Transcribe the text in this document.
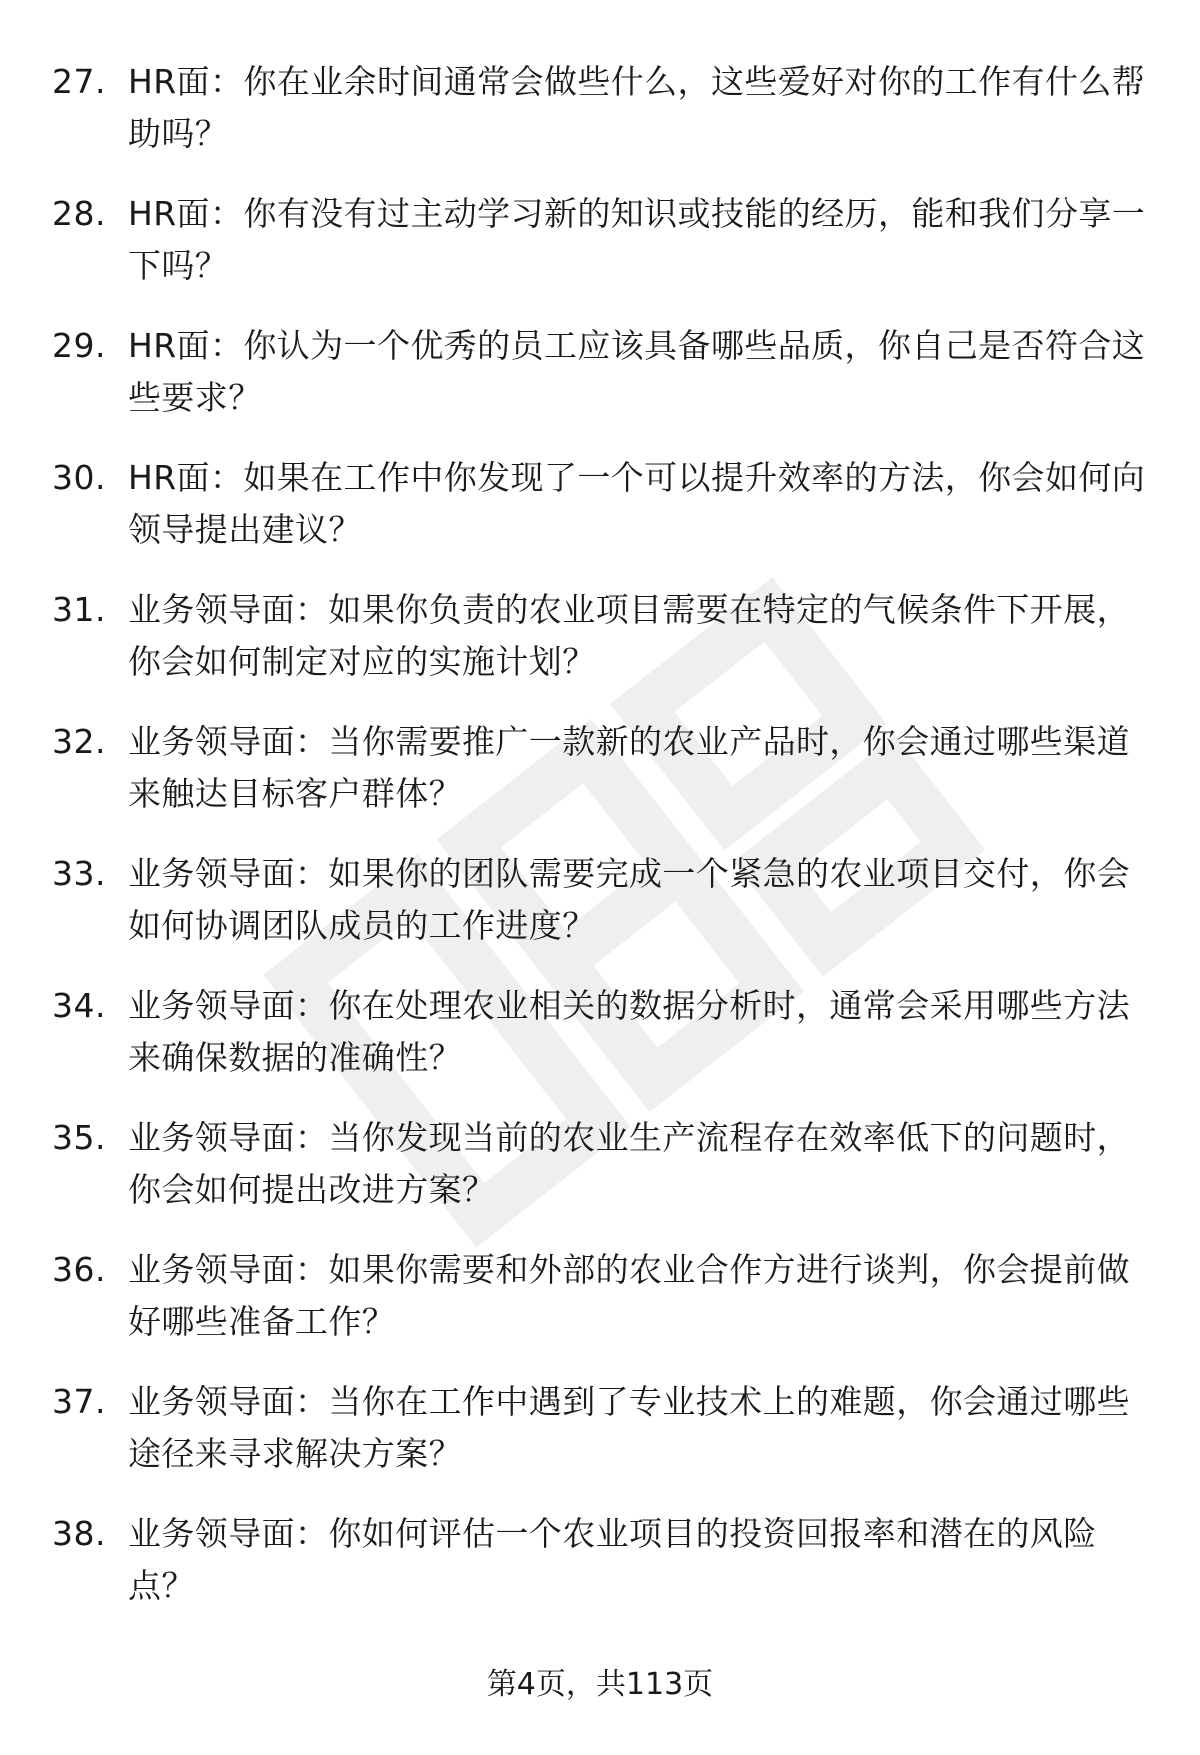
27. HR面：你在业余时间通常会做些什么，这些爱好对你的工作有什么帮助吗？
28. HR面：你有没有过主动学习新的知识或技能的经历，能和我们分享一下吗？
29. HR面：你认为一个优秀的员工应该具备哪些品质，你自己是否符合这些要求？
30. HR面：如果在工作中你发现了一个可以提升效率的方法，你会如何向领导提出建议？
31. 业务领导面：如果你负责的农业项目需要在特定的气候条件下开展，你会如何制定对应的实施计划？
32. 业务领导面：当你需要推广一款新的农业产品时，你会通过哪些渠道来触达目标客户群体？
33. 业务领导面：如果你的团队需要完成一个紧急的农业项目交付，你会如何协调团队成员的工作进度？
34. 业务领导面：你在处理农业相关的数据分析时，通常会采用哪些方法来确保数据的准确性？
35. 业务领导面：当你发现当前的农业生产流程存在效率低下的问题时，你会如何提出改进方案？
36. 业务领导面：如果你需要和外部的农业合作方进行谈判，你会提前做好哪些准备工作？
37. 业务领导面：当你在工作中遇到了专业技术上的难题，你会通过哪些途径来寻求解决方案？
38. 业务领导面：你如何评估一个农业项目的投资回报率和潜在的风险点？
第4页，共113页
